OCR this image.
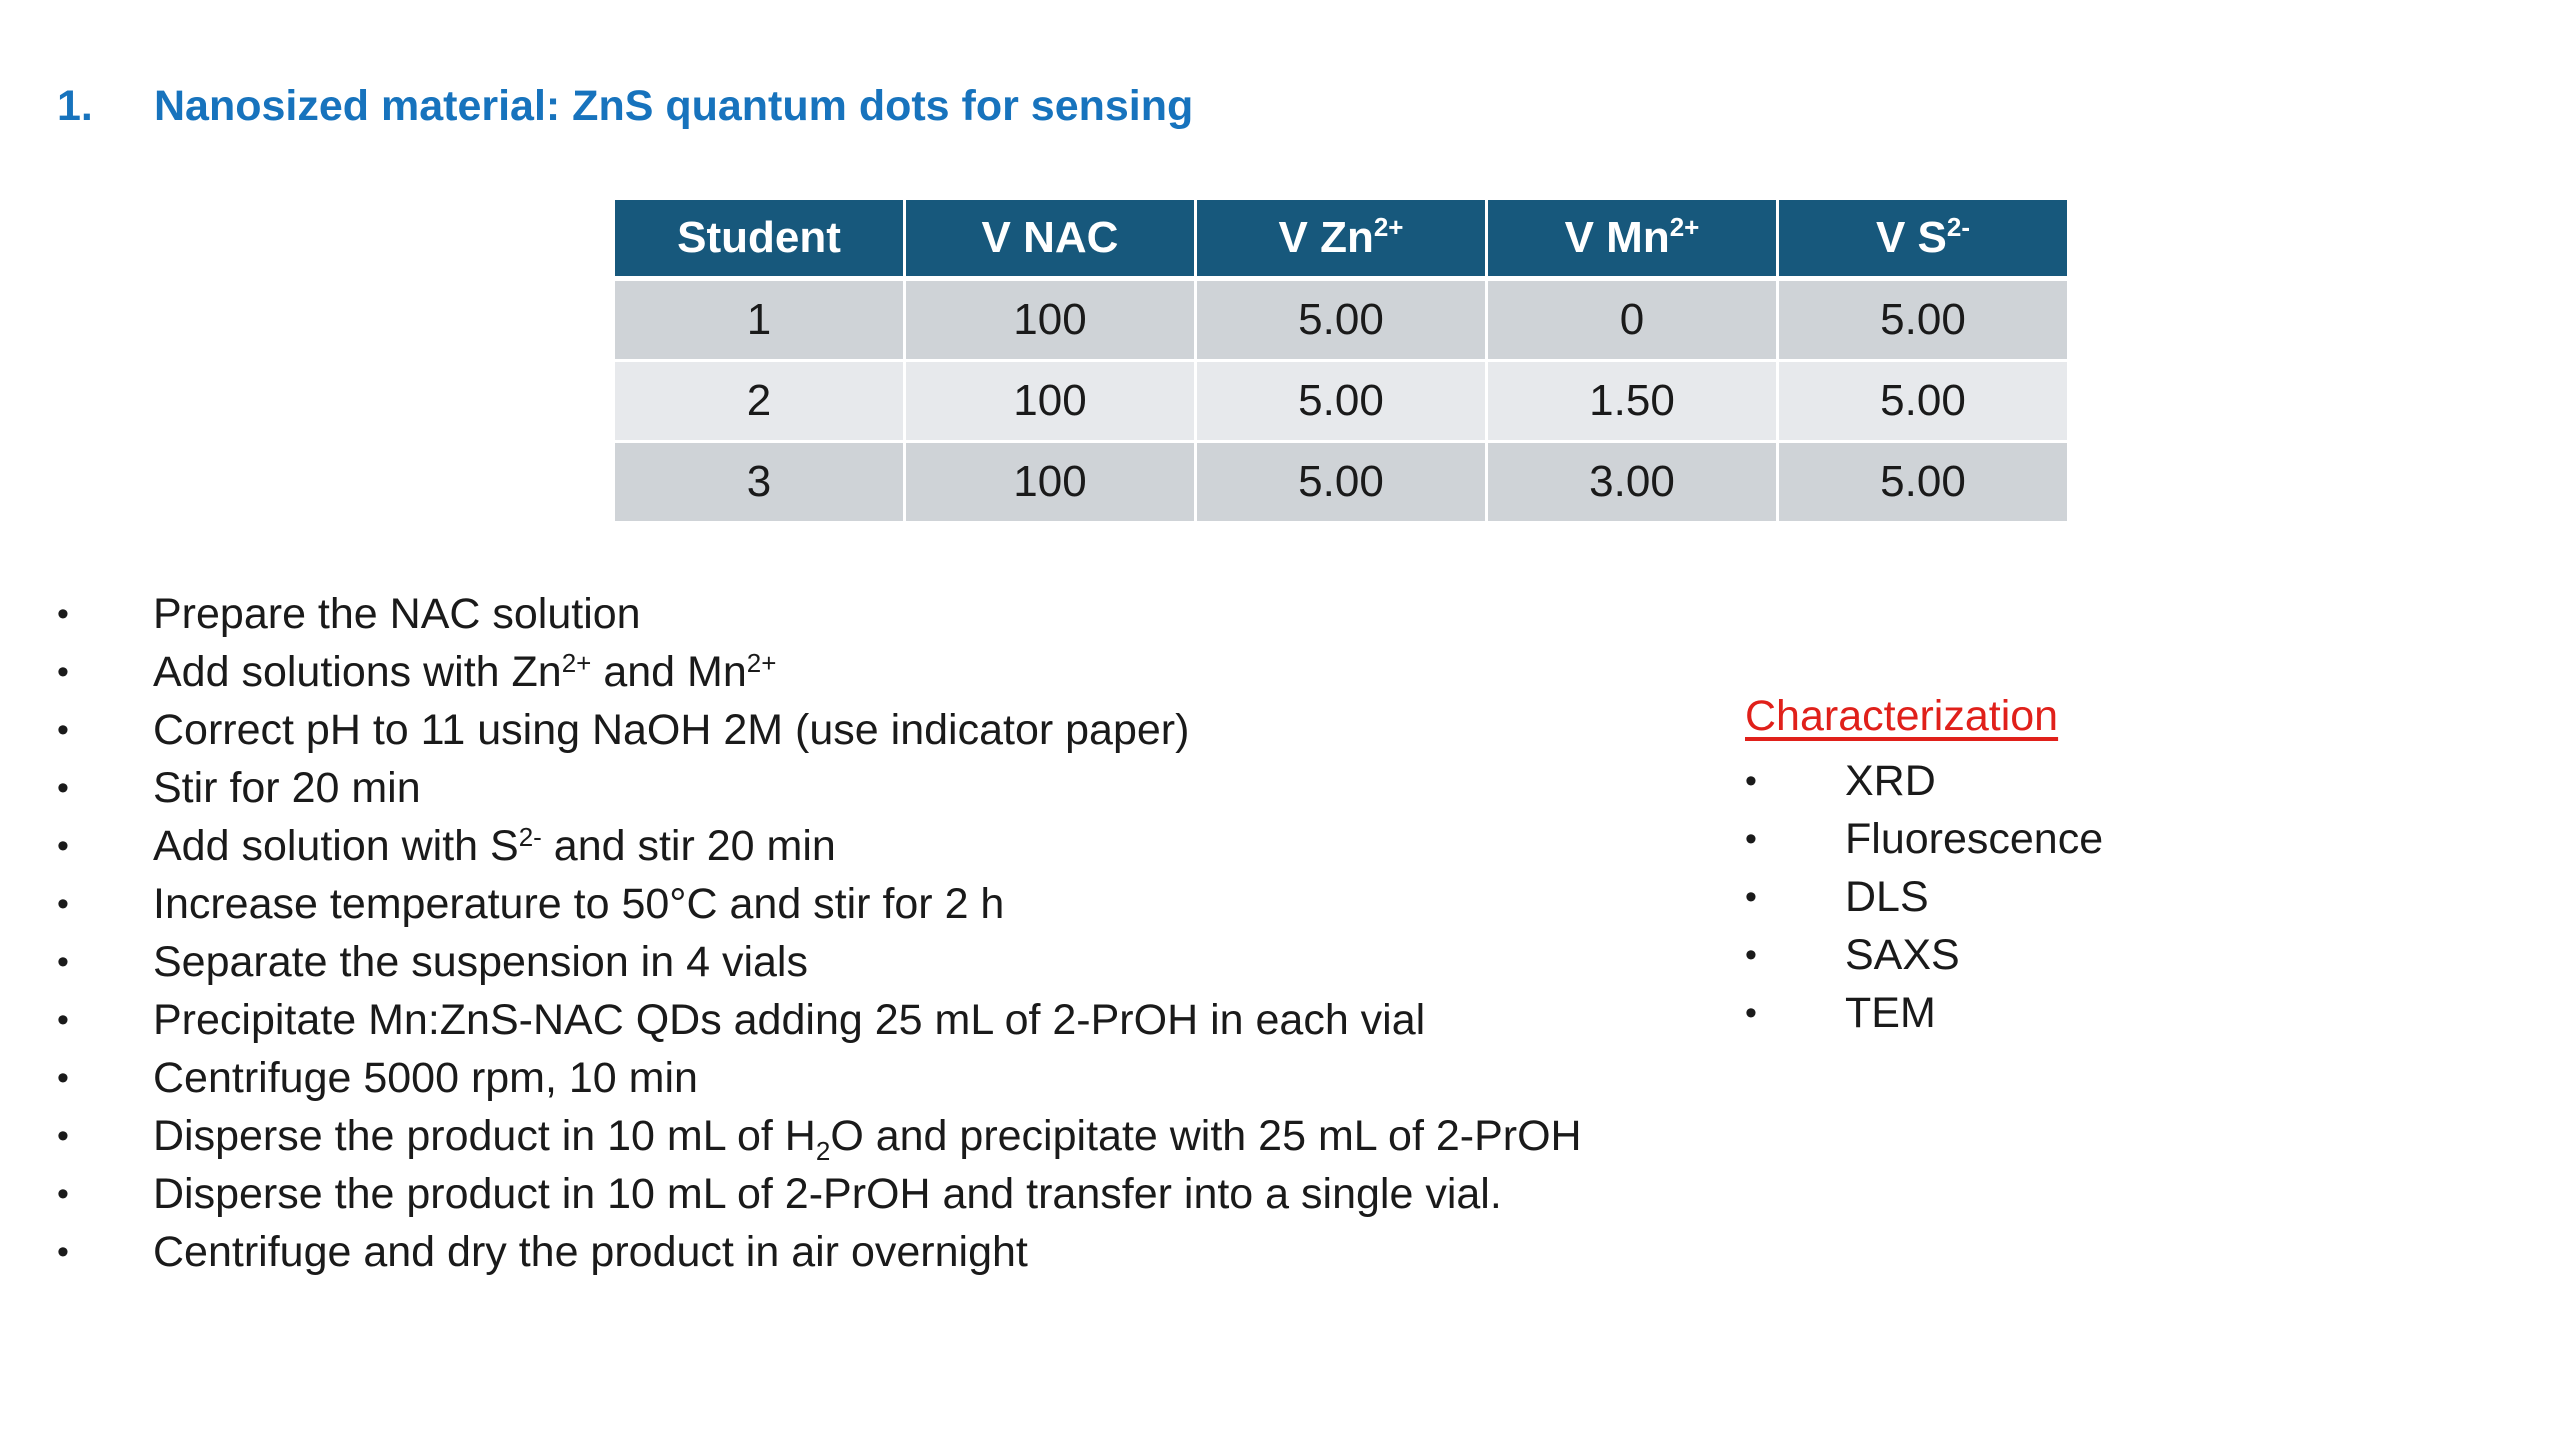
1.	Nanosized material: ZnS quantum dots for sensing
Student	V NAC	V $Zn^{2+}$	V $Mn^{2+}$	V $S^{2-}$
1	100	5.00	0	5.00
2	100	5.00	1.50	5.00
3	100	5.00	3.00	5.00
• Prepare the NAC solution
• Add solutions with $Zn^{2+}$ and $Mn^{2+}$
• Correct pH to 11 using NaOH 2M (use indicator paper)
• Stir for 20 min
• Add solution with $S^{2-}$ and stir 20 min
• Increase temperature to 50°C and stir for 2 h
• Separate the suspension in 4 vials
• Precipitate Mn:ZnS-NAC QDs adding 25 mL of 2-PrOH in each vial
• Centrifuge 5000 rpm, 10 min
• Disperse the product in 10 mL of $H_2O$ and precipitate with 25 mL of 2-PrOH
• Disperse the product in 10 mL of 2-PrOH and transfer into a single vial.
• Centrifuge and dry the product in air overnight
Characterization
• XRD
• Fluorescence
• DLS
• SAXS
• TEM
